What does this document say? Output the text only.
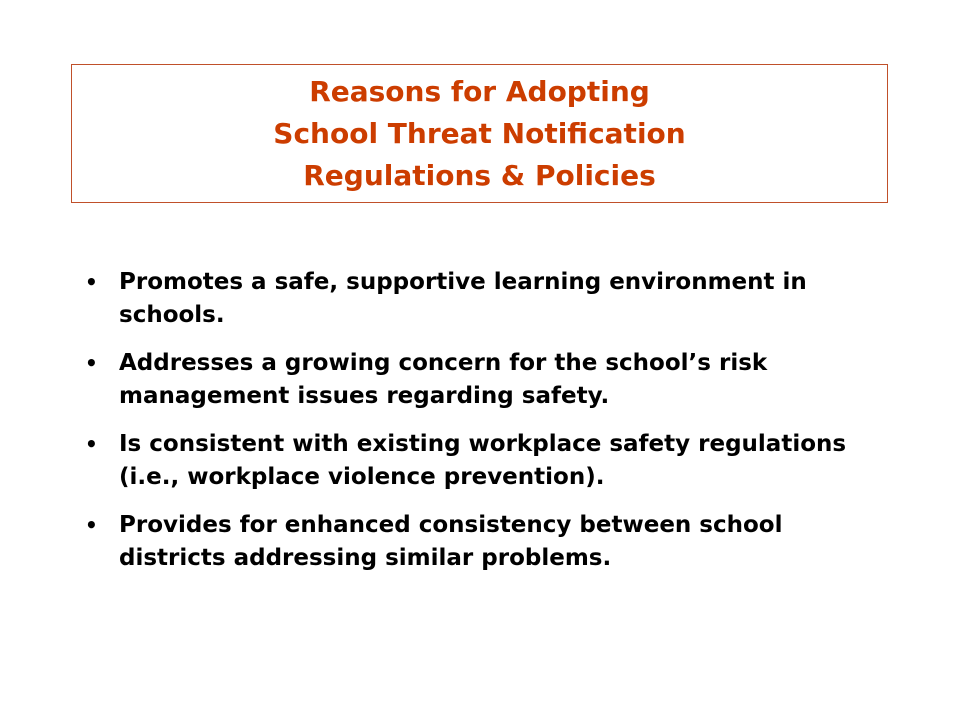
Reasons for Adopting
School Threat Notification
Regulations & Policies
• Promotes a safe, supportive learning environment in schools.
• Addresses a growing concern for the school’s risk management issues regarding safety.
• Is consistent with existing workplace safety regulations (i.e., workplace violence prevention).
• Provides for enhanced consistency between school districts addressing similar problems.
